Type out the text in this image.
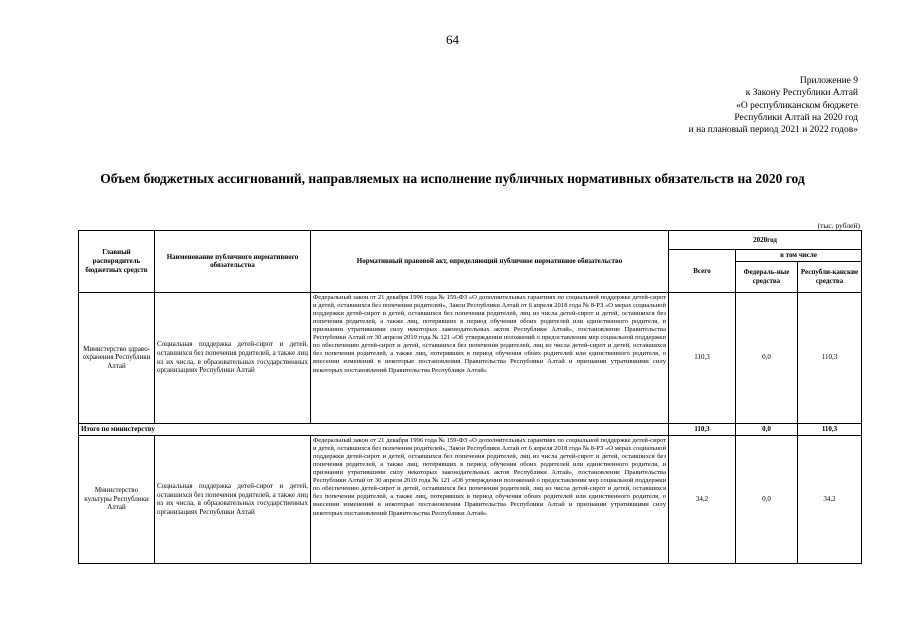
64
Приложение 9
к Закону Республики Алтай
«О республиканском бюджете
Республики Алтай на 2020 год
и на плановый период 2021 и 2022 годов»
Объем бюджетных ассигнований, направляемых на исполнение публичных нормативных обязательств на 2020 год
(тыс. рублей)
Главный распорядитель бюджетных средств	Наименование публичного нормативного обязательства	Нормативный правовой акт, определяющий публичное нормативное обязательство	2020год		
			Всего	в том числе	
				Федераль-ные средства	Республи-канские средства
Министерство здраво-охранения Республики Алтай	Социальная поддержка детей-сирот и детей, оставшихся без попечения родителей, а также лиц из их числа, в образовательных государственных организациях Республики Алтай	Федеральный закон от 21 декабря 1996 года № 159-ФЗ «О дополнительных гарантиях по социальной поддержке детей-сирот и детей, оставшихся без попечения родителей», Закон Республики Алтай от 6 апреля 2018 года № 8-РЗ «О мерах социальной поддержки детей-сирот и детей, оставшихся без попечения родителей, лиц из числа детей-сирот и детей, оставшихся без попечения родителей, а также лиц, потерявших в период обучения обоих родителей или единственного родителя, и признании утратившими силу некоторых законодательных актов Республики Алтай», постановление Правительства Республики Алтай от 30 апреля 2019 года № 121 «Об утверждении положений о предоставлении мер социальной поддержки по обеспечению детей-сирот и детей, оставшихся без попечения родителей, лиц из числа детей-сирот и детей, оставшихся без попечения родителей, а также лиц, потерявших в период обучения обоих родителей или единственного родителя, о внесении изменений в некоторые постановления Правительства Республики Алтай и признании утратившими силу некоторых постановлений Правительства Республики Алтай»	110,3	0,0	110,3
Итого по министерству			110,3	0,0	110,3
Министерство культуры Республики Алтай	Социальная поддержка детей-сирот и детей, оставшихся без попечения родителей, а также лиц из их числа, в образовательных государственных организациях Республики Алтай	Федеральный закон от 21 декабря 1996 года № 159-ФЗ «О дополнительных гарантиях по социальной поддержке детей-сирот и детей, оставшихся без попечения родителей», Закон Республики Алтай от 6 апреля 2018 года № 8-РЗ «О мерах социальной поддержки детей-сирот и детей, оставшихся без попечения родителей, лиц из числа детей-сирот и детей, оставшихся без попечения родителей, а также лиц, потерявших в период обучения обоих родителей или единственного родителя, и признании утратившими силу некоторых законодательных актов Республики Алтай», постановление Правительства Республики Алтай от 30 апреля 2019 года № 121 «Об утверждении положений о предоставлении мер социальной поддержки по обеспечению детей-сирот и детей, оставшихся без попечения родителей, лиц из числа детей-сирот и детей, оставшихся без попечения родителей, а также лиц, потерявших в период обучения обоих родителей или единственного родителя, о внесении изменений в некоторые постановления Правительства Республики Алтай и признании утратившими силу некоторых постановлений Правительства Республики Алтай»	34,2	0,0	34,2
